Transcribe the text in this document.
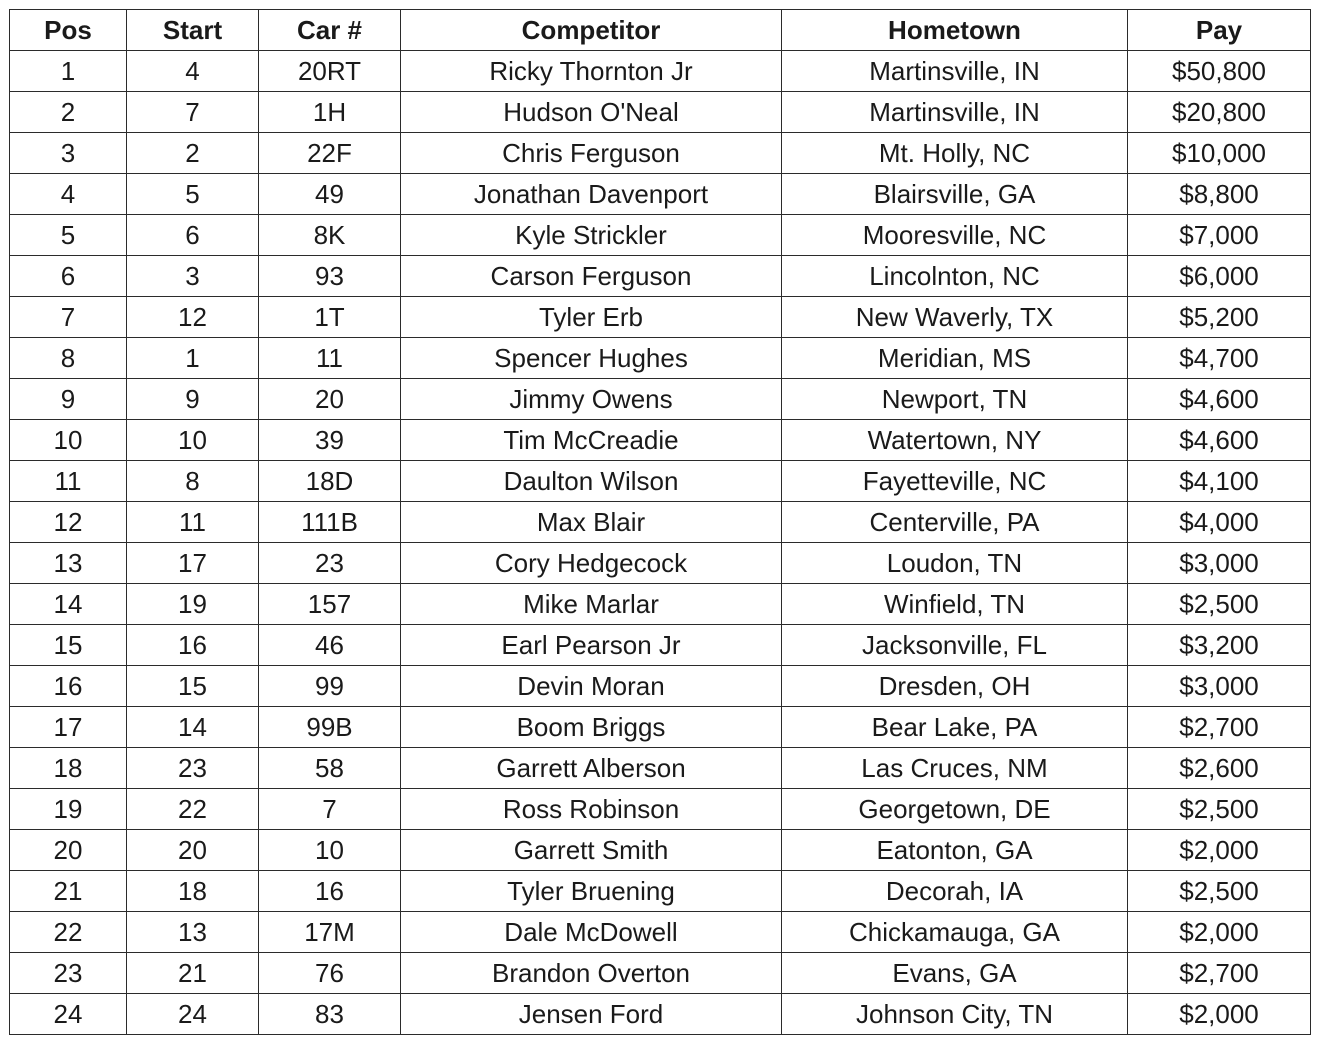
Pos	Start	Car #	Competitor	Hometown	Pay
1	4	20RT	Ricky Thornton Jr	Martinsville, IN	$50,800
2	7	1H	Hudson O'Neal	Martinsville, IN	$20,800
3	2	22F	Chris Ferguson	Mt. Holly, NC	$10,000
4	5	49	Jonathan Davenport	Blairsville, GA	$8,800
5	6	8K	Kyle Strickler	Mooresville, NC	$7,000
6	3	93	Carson Ferguson	Lincolnton, NC	$6,000
7	12	1T	Tyler Erb	New Waverly, TX	$5,200
8	1	11	Spencer Hughes	Meridian, MS	$4,700
9	9	20	Jimmy Owens	Newport, TN	$4,600
10	10	39	Tim McCreadie	Watertown, NY	$4,600
11	8	18D	Daulton Wilson	Fayetteville, NC	$4,100
12	11	111B	Max Blair	Centerville, PA	$4,000
13	17	23	Cory Hedgecock	Loudon, TN	$3,000
14	19	157	Mike Marlar	Winfield, TN	$2,500
15	16	46	Earl Pearson Jr	Jacksonville, FL	$3,200
16	15	99	Devin Moran	Dresden, OH	$3,000
17	14	99B	Boom Briggs	Bear Lake, PA	$2,700
18	23	58	Garrett Alberson	Las Cruces, NM	$2,600
19	22	7	Ross Robinson	Georgetown, DE	$2,500
20	20	10	Garrett Smith	Eatonton, GA	$2,000
21	18	16	Tyler Bruening	Decorah, IA	$2,500
22	13	17M	Dale McDowell	Chickamauga, GA	$2,000
23	21	76	Brandon Overton	Evans, GA	$2,700
24	24	83	Jensen Ford	Johnson City, TN	$2,000
